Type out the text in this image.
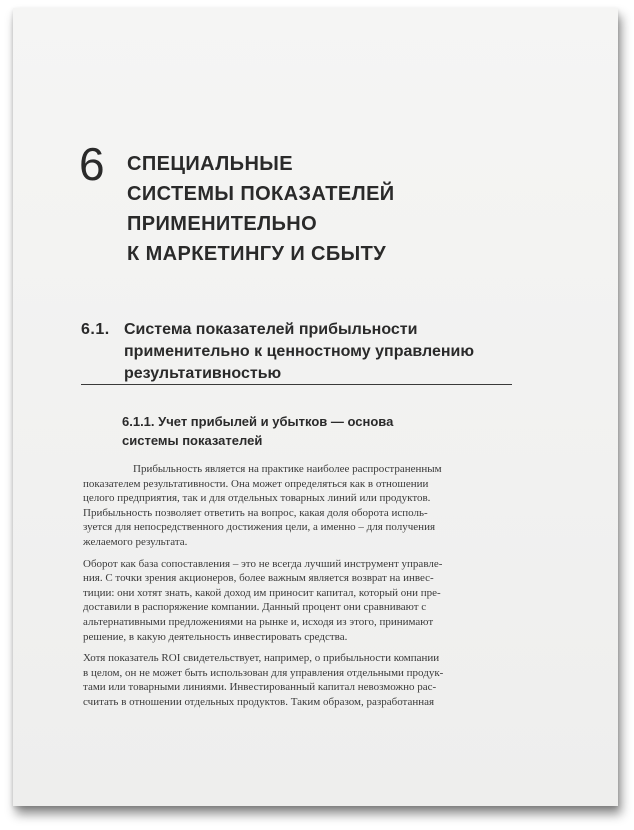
6 СПЕЦИАЛЬНЫЕ
СИСТЕМЫ ПОКАЗАТЕЛЕЙ
ПРИМЕНИТЕЛЬНО
К МАРКЕТИНГУ И СБЫТУ
6.1. Система показателей прибыльности
применительно к ценностному управлению
результативностью
6.1.1. Учет прибылей и убытков — основа
системы показателей

Прибыльность является на практике наиболее распространенным
показателем результативности. Она может определяться как в отношении
целого предприятия, так и для отдельных товарных линий или продуктов.
Прибыльность позволяет ответить на вопрос, какая доля оборота исполь-
зуется для непосредственного достижения цели, а именно – для получения
желаемого результата.

Оборот как база сопоставления – это не всегда лучший инструмент управле-
ния. С точки зрения акционеров, более важным является возврат на инвес-
тиции: они хотят знать, какой доход им приносит капитал, который они пре-
доставили в распоряжение компании. Данный процент они сравнивают с
альтернативными предложениями на рынке и, исходя из этого, принимают
решение, в какую деятельность инвестировать средства.

Хотя показатель ROI свидетельствует, например, о прибыльности компании
в целом, он не может быть использован для управления отдельными продук-
тами или товарными линиями. Инвестированный капитал невозможно рас-
считать в отношении отдельных продуктов. Таким образом, разработанная
